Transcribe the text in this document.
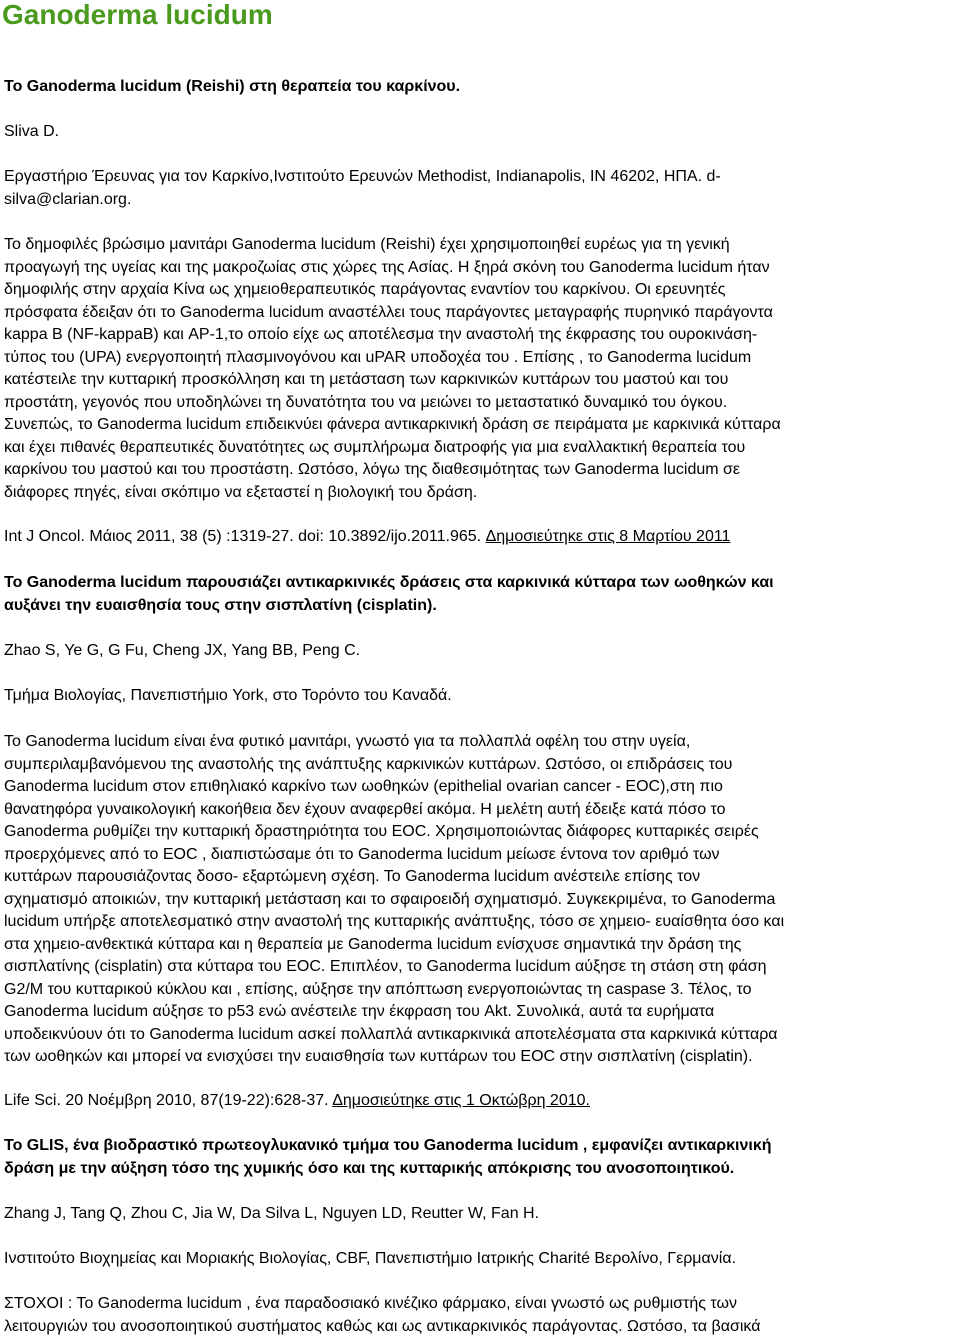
Ganoderma lucidum

Το Ganoderma lucidum (Reishi) στη θεραπεία του καρκίνου.

Sliva D.

Εργαστήριο Έρευνας για τον Καρκίνο,Ινστιτούτο Ερευνών Methodist, Indianapolis, IN 46202, ΗΠΑ. d-
silva@clarian.org.

Το δημοφιλές βρώσιμο μανιτάρι Ganoderma lucidum (Reishi) έχει χρησιμοποιηθεί ευρέως για τη γενική
προαγωγή της υγείας και της μακροζωίας στις χώρες της Ασίας. Η ξηρά σκόνη του Ganoderma lucidum ήταν
δημοφιλής στην αρχαία Κίνα ως χημειοθεραπευτικός παράγοντας εναντίον του καρκίνου. Οι ερευνητές
πρόσφατα έδειξαν ότι το Ganoderma lucidum αναστέλλει τους παράγοντες μεταγραφής πυρηνικό παράγοντα
kappa B (NF-kappaB) και AP-1,το οποίο είχε ως αποτέλεσμα την αναστολή της έκφρασης του ουροκινάση-
τύπος του (UPA) ενεργοποιητή πλασμινογόνου και uPAR υποδοχέα του . Επίσης , το Ganoderma lucidum
κατέστειλε την κυτταρική προσκόλληση και τη μετάσταση των καρκινικών κυττάρων του μαστού και του
προστάτη, γεγονός που υποδηλώνει τη δυνατότητα του να μειώνει το μεταστατικό δυναμικό του όγκου.
Συνεπώς, το Ganoderma lucidum επιδεικνύει φάνερα αντικαρκινική δράση σε πειράματα με καρκινικά κύτταρα
και έχει πιθανές θεραπευτικές δυνατότητες ως συμπλήρωμα διατροφής για μια εναλλακτική θεραπεία του
καρκίνου του μαστού και του προστάστη. Ωστόσο, λόγω της διαθεσιμότητας των Ganoderma lucidum σε
διάφορες πηγές, είναι σκόπιμο να εξεταστεί η βιολογική του δράση.

Int J Oncol. Μάιος 2011, 38 (5) :1319-27. doi: 10.3892/ijo.2011.965. Δημοσιεύτηκε στις 8 Μαρτίου 2011

Το Ganoderma lucidum παρουσιάζει αντικαρκινικές δράσεις στα καρκινικά κύτταρα των ωοθηκών και
αυξάνει την ευαισθησία τους στην σισπλατίνη (cisplatin).

Zhao S, Ye G, G Fu, Cheng JX, Yang BB, Peng C.

Τμήμα Βιολογίας, Πανεπιστήμιο York, στο Τορόντο του Καναδά.

Το Ganoderma lucidum είναι ένα φυτικό μανιτάρι, γνωστό για τα πολλαπλά οφέλη του στην υγεία,
συμπεριλαμβανόμενου της αναστολής της ανάπτυξης καρκινικών κυττάρων. Ωστόσο, οι επιδράσεις του
Ganoderma lucidum στον επιθηλιακό καρκίνο των ωοθηκών (epithelial ovarian cancer - EOC),στη πιο
θανατηφόρα γυναικολογική κακοήθεια δεν έχουν αναφερθεί ακόμα. Η μελέτη αυτή έδειξε κατά πόσο το
Ganoderma ρυθμίζει την κυτταρική δραστηριότητα του EOC. Χρησιμοποιώντας διάφορες κυτταρικές σειρές
προερχόμενες από το EOC , διαπιστώσαμε ότι το Ganoderma lucidum μείωσε έντονα τον αριθμό των
κυττάρων παρουσιάζοντας δοσο- εξαρτώμενη σχέση. Το Ganoderma lucidum ανέστειλε επίσης τον
σχηματισμό αποικιών, την κυτταρική μετάσταση και το σφαιροειδή σχηματισμό. Συγκεκριμένα, το Ganoderma
lucidum υπήρξε αποτελεσματικό στην αναστολή της κυτταρικής ανάπτυξης, τόσο σε χημειο- ευαίσθητα όσο και
στα χημειο-ανθεκτικά κύτταρα και η θεραπεία με Ganoderma lucidum ενίσχυσε σημαντικά την δράση της
σισπλατίνης (cisplatin) στα κύτταρα του EOC. Επιπλέον, το Ganoderma lucidum αύξησε τη στάση στη φάση
G2/M του κυτταρικού κύκλου και , επίσης, αύξησε την απόπτωση ενεργοποιώντας τη caspase 3. Τέλος, το
Ganoderma lucidum αύξησε το p53 ενώ ανέστειλε την έκφραση του Akt. Συνολικά, αυτά τα ευρήματα
υποδεικνύουν ότι το Ganoderma lucidum ασκεί πολλαπλά αντικαρκινικά αποτελέσματα στα καρκινικά κύτταρα
των ωοθηκών και μπορεί να ενισχύσει την ευαισθησία των κυττάρων του EOC στην σισπλατίνη (cisplatin).

Life Sci. 20 Νοέμβρη 2010, 87(19-22):628-37. Δημοσιεύτηκε στις 1 Οκτώβρη 2010.

Το GLIS, ένα βιοδραστικό πρωτεογλυκανικό τμήμα του Ganoderma lucidum , εμφανίζει αντικαρκινική
δράση με την αύξηση τόσο της χυμικής όσο και της κυτταρικής απόκρισης του ανοσοποιητικού.

Zhang J, Tang Q, Zhou C, Jia W, Da Silva L, Nguyen LD, Reutter W, Fan H.

Ινστιτούτο Βιοχημείας και Μοριακής Βιολογίας, CBF, Πανεπιστήμιο Ιατρικής Charité Βερολίνο, Γερμανία.

ΣΤΟΧΟΙ : Το Ganoderma lucidum , ένα παραδοσιακό κινέζικο φάρμακο, είναι γνωστό ως ρυθμιστής των
λειτουργιών του ανοσοποιητικού συστήματος καθώς και ως αντικαρκινικός παράγοντας. Ωστόσο, τα βασικά
